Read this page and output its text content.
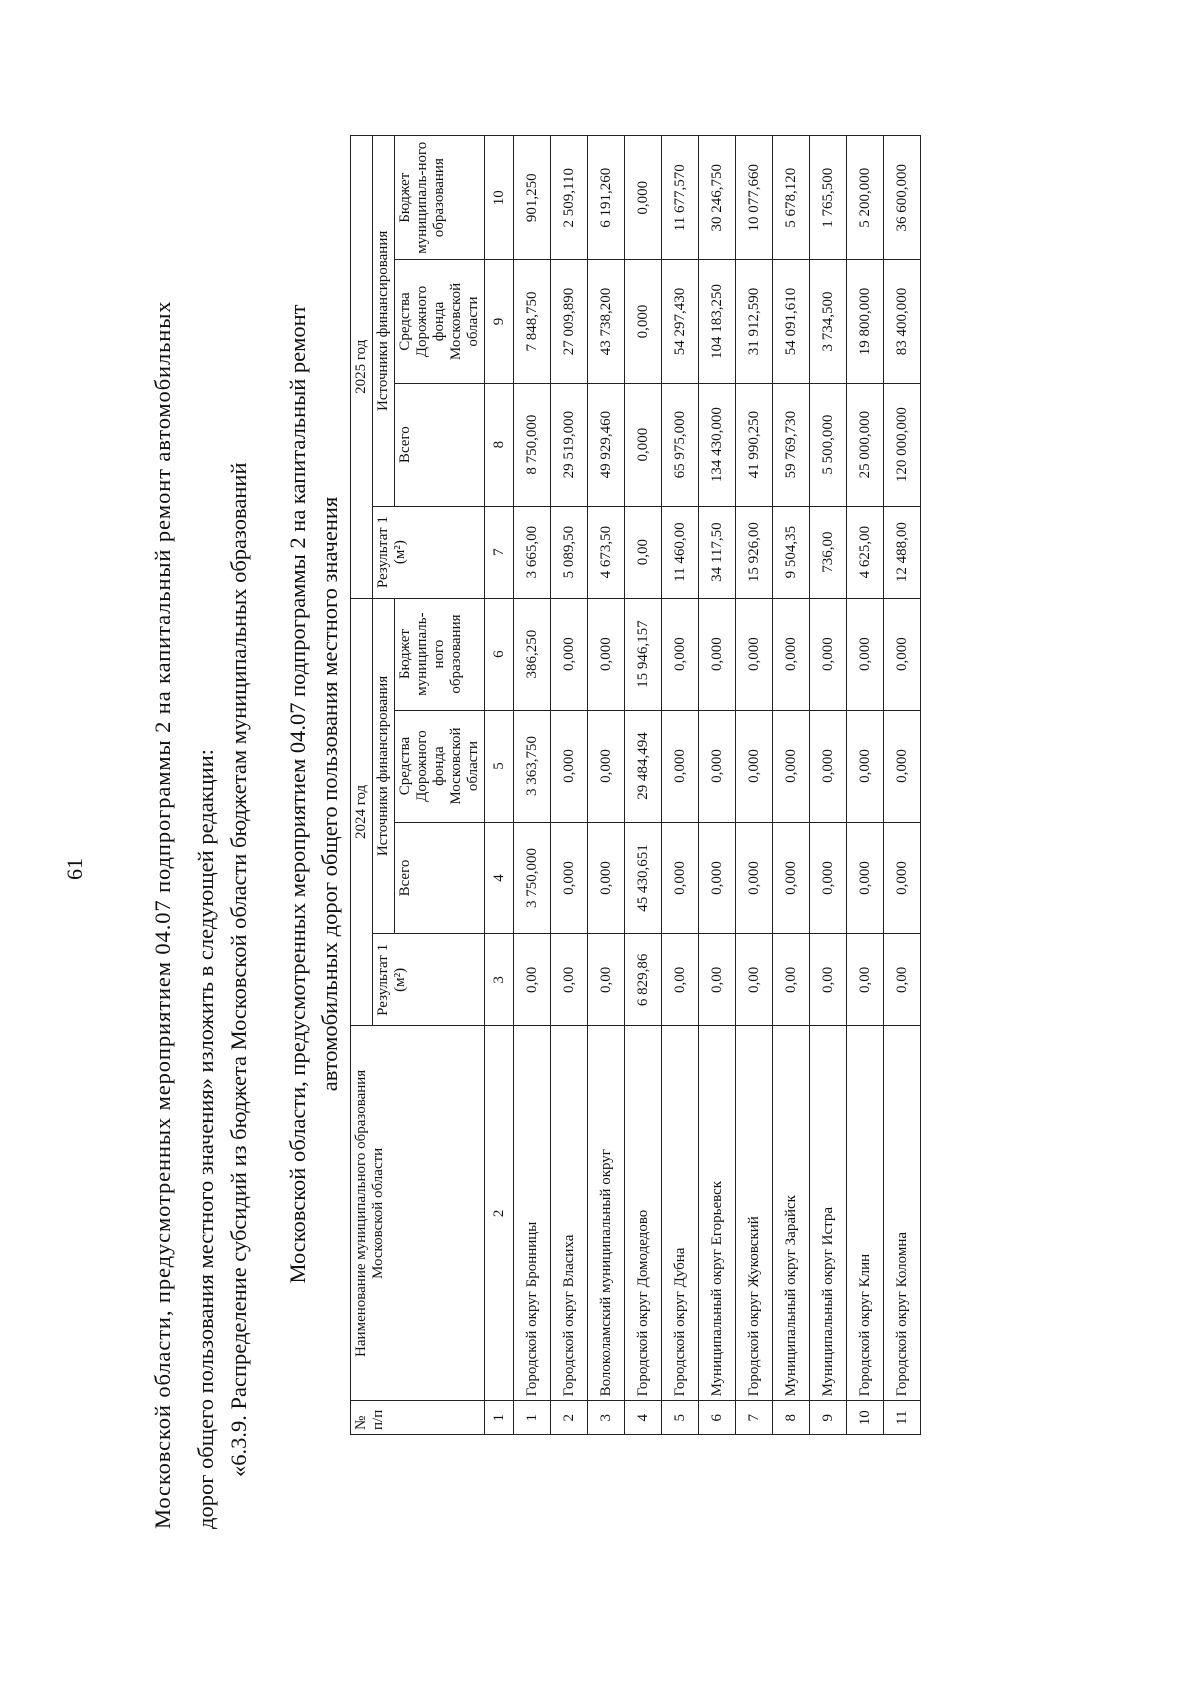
61	Московской области, предусмотренных мероприятием 04.07 подпрограммы 2 на капитальный ремонт автомобильных дорог общего пользования местного значения» изложить в следующей редакции: «6.3.9. Распределение субсидий из бюджета Московской области бюджетам муниципальных образований Московской области, предусмотренных мероприятием 04.07 подпрограммы 2 на капитальный ремонт автомобильных дорог общего пользования местного значения

№ п/п	Наименование муниципального образования Московской области	2024 год				2025 год			
		Результат 1 (м²)	Источники финансирования			Результат 1 (м²)	Источники финансирования		
			Всего	Средства Дорожного фонда Московской области	Бюджет муниципаль-ного образования		Всего	Средства Дорожного фонда Московской области	Бюджет муниципаль-ного образования
1	2	3	4	5	6	7	8	9	10
1	Городской округ Бронницы	0,00	3 750,000	3 363,750	386,250	3 665,00	8 750,000	7 848,750	901,250
2	Городской округ Власиха	0,00	0,000	0,000	0,000	5 089,50	29 519,000	27 009,890	2 509,110
3	Волоколамский муниципальный округ	0,00	0,000	0,000	0,000	4 673,50	49 929,460	43 738,200	6 191,260
4	Городской округ Домодедово	6 829,86	45 430,651	29 484,494	15 946,157	0,00	0,000	0,000	0,000
5	Городской округ Дубна	0,00	0,000	0,000	0,000	11 460,00	65 975,000	54 297,430	11 677,570
6	Муниципальный округ Егорьевск	0,00	0,000	0,000	0,000	34 117,50	134 430,000	104 183,250	30 246,750
7	Городской округ Жуковский	0,00	0,000	0,000	0,000	15 926,00	41 990,250	31 912,590	10 077,660
8	Муниципальный округ Зарайск	0,00	0,000	0,000	0,000	9 504,35	59 769,730	54 091,610	5 678,120
9	Муниципальный округ Истра	0,00	0,000	0,000	0,000	736,00	5 500,000	3 734,500	1 765,500
10	Городской округ Клин	0,00	0,000	0,000	0,000	4 625,00	25 000,000	19 800,000	5 200,000
11	Городской округ Коломна	0,00	0,000	0,000	0,000	12 488,00	120 000,000	83 400,000	36 600,000
